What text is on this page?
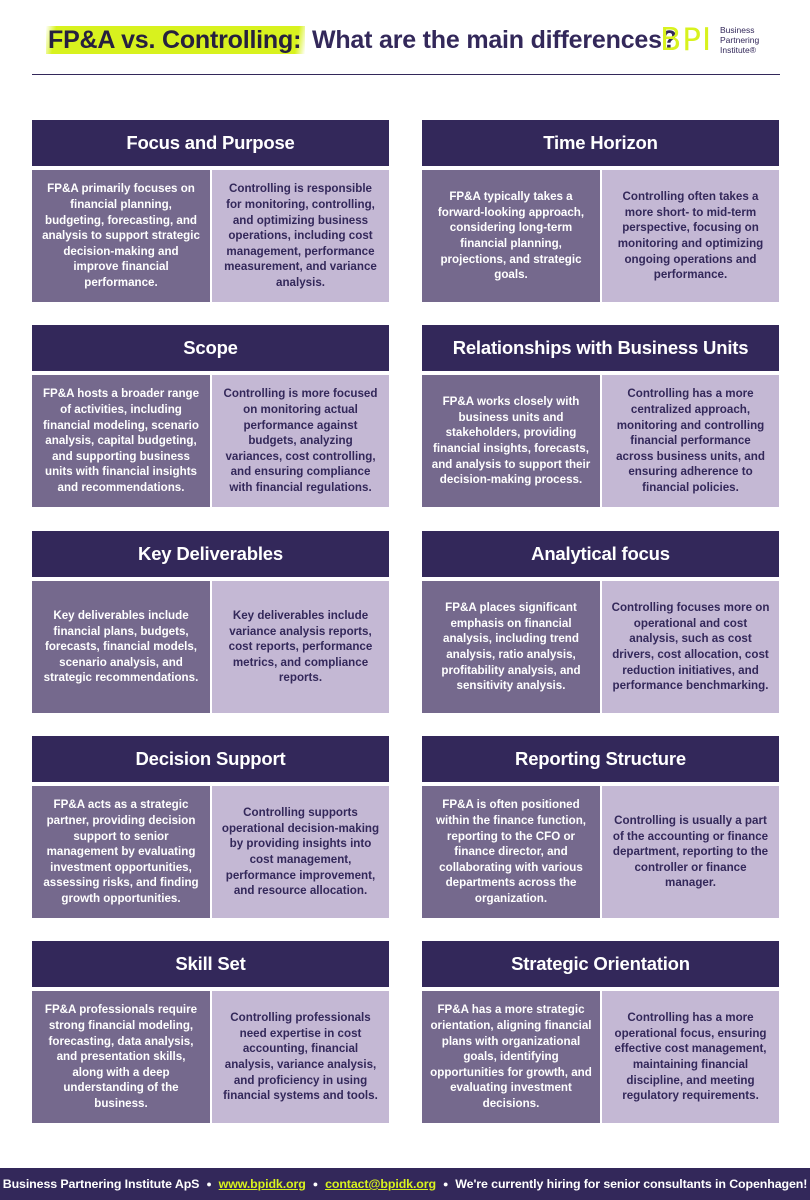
FP&A vs. Controlling: What are the main differences?
BPI Business
Partnering
Institute®
Focus and Purpose
FP&A primarily focuses on financial planning, budgeting, forecasting, and analysis to support strategic decision-making and improve financial performance.
Controlling is responsible for monitoring, controlling, and optimizing business operations, including cost management, performance measurement, and variance analysis.
Time Horizon
FP&A typically takes a forward-looking approach, considering long-term financial planning, projections, and strategic goals.
Controlling often takes a more short- to mid-term perspective, focusing on monitoring and optimizing ongoing operations and performance.
Scope
FP&A hosts a broader range of activities, including financial modeling, scenario analysis, capital budgeting, and supporting business units with financial insights and recommendations.
Controlling is more focused on monitoring actual performance against budgets, analyzing variances, cost controlling, and ensuring compliance with financial regulations.
Relationships with Business Units
FP&A works closely with business units and stakeholders, providing financial insights, forecasts, and analysis to support their decision-making process.
Controlling has a more centralized approach, monitoring and controlling financial performance across business units, and ensuring adherence to financial policies.
Key Deliverables
Key deliverables include financial plans, budgets, forecasts, financial models, scenario analysis, and strategic recommendations.
Key deliverables include variance analysis reports, cost reports, performance metrics, and compliance reports.
Analytical focus
FP&A places significant emphasis on financial analysis, including trend analysis, ratio analysis, profitability analysis, and sensitivity analysis.
Controlling focuses more on operational and cost analysis, such as cost drivers, cost allocation, cost reduction initiatives, and performance benchmarking.
Decision Support
FP&A acts as a strategic partner, providing decision support to senior management by evaluating investment opportunities, assessing risks, and finding growth opportunities.
Controlling supports operational decision-making by providing insights into cost management, performance improvement, and resource allocation.
Reporting Structure
FP&A is often positioned within the finance function, reporting to the CFO or finance director, and collaborating with various departments across the organization.
Controlling is usually a part of the accounting or finance department, reporting to the controller or finance manager.
Skill Set
FP&A professionals require strong financial modeling, forecasting, data analysis, and presentation skills, along with a deep understanding of the business.
Controlling professionals need expertise in cost accounting, financial analysis, variance analysis, and proficiency in using financial systems and tools.
Strategic Orientation
FP&A has a more strategic orientation, aligning financial plans with organizational goals, identifying opportunities for growth, and evaluating investment decisions.
Controlling has a more operational focus, ensuring effective cost management, maintaining financial discipline, and meeting regulatory requirements.
Business Partnering Institute ApS ● www.bpidk.org ● contact@bpidk.org ● We're currently hiring for senior consultants in Copenhagen!
